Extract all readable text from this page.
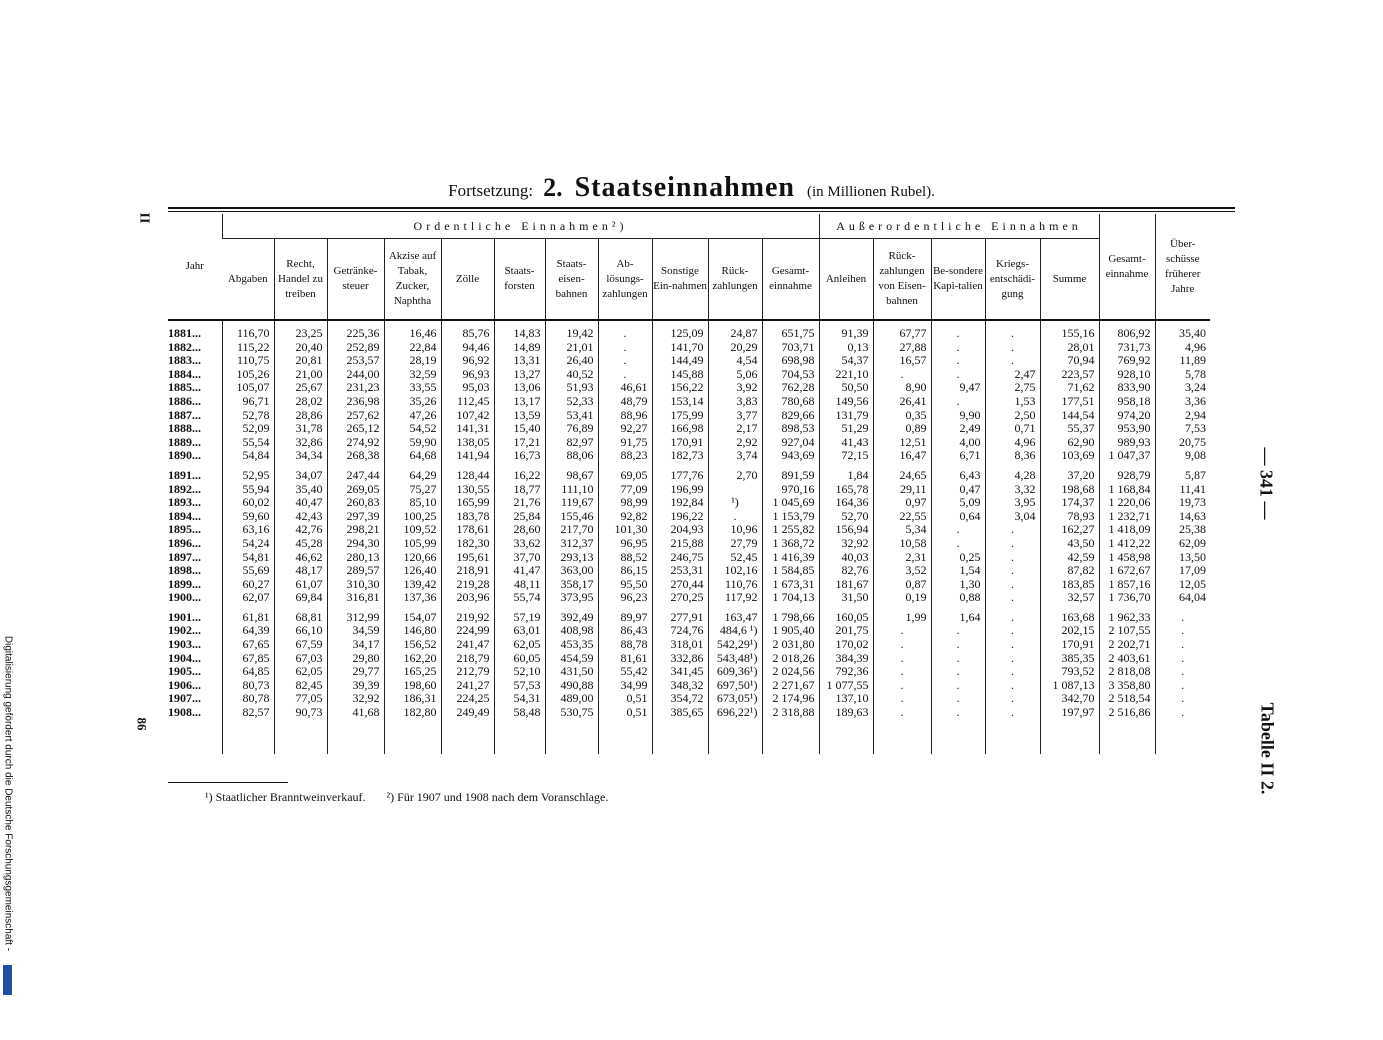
Fortsetzung: 2. Staatseinnahmen (in Millionen Rubel).
Jahr	Ordentliche Einnahmen²)											Außerordentliche Einnahmen					Gesamt-einnahme	Über-schüsse früherer Jahre
	Abgaben	Recht, Handel zu treiben	Getränke-steuer	Akzise auf Tabak, Zucker, Naphtha	Zölle	Staats-forsten	Staats-eisen-bahnen	Ab-lösungs-zahlungen	Sonstige Ein-nahmen	Rück-zahlungen	Gesamt-einnahme	Anleihen	Rück-zahlungen von Eisen-bahnen	Be-sondere Kapi-talien	Kriegs-entschädi-gung	Summe		

1881...	116,70	23,25	225,36	16,46	85,76	14,83	19,42	.	125,09	24,87	651,75	91,39	67,77	.	.	155,16	806,92	35,40
1882...	115,22	20,40	252,89	22,84	94,46	14,89	21,01	.	141,70	20,29	703,71	0,13	27,88	.	.	28,01	731,73	4,96
1883...	110,75	20,81	253,57	28,19	96,92	13,31	26,40	.	144,49	4,54	698,98	54,37	16,57	.	.	70,94	769,92	11,89
1884...	105,26	21,00	244,00	32,59	96,93	13,27	40,52	.	145,88	5,06	704,53	221,10	.	.	2,47	223,57	928,10	5,78
1885...	105,07	25,67	231,23	33,55	95,03	13,06	51,93	46,61	156,22	3,92	762,28	50,50	8,90	9,47	2,75	71,62	833,90	3,24
1886...	96,71	28,02	236,98	35,26	112,45	13,17	52,33	48,79	153,14	3,83	780,68	149,56	26,41	.	1,53	177,51	958,18	3,36
1887...	52,78	28,86	257,62	47,26	107,42	13,59	53,41	88,96	175,99	3,77	829,66	131,79	0,35	9,90	2,50	144,54	974,20	2,94
1888...	52,09	31,78	265,12	54,52	141,31	15,40	76,89	92,27	166,98	2,17	898,53	51,29	0,89	2,49	0,71	55,37	953,90	7,53
1889...	55,54	32,86	274,92	59,90	138,05	17,21	82,97	91,75	170,91	2,92	927,04	41,43	12,51	4,00	4,96	62,90	989,93	20,75
1890...	54,84	34,34	268,38	64,68	141,94	16,73	88,06	88,23	182,73	3,74	943,69	72,15	16,47	6,71	8,36	103,69	1 047,37	9,08

1891...	52,95	34,07	247,44	64,29	128,44	16,22	98,67	69,05	177,76	2,70	891,59	1,84	24,65	6,43	4,28	37,20	928,79	5,87
1892...	55,94	35,40	269,05	75,27	130,55	18,77	111,10	77,09	196,99		970,16	165,78	29,11	0,47	3,32	198,68	1 168,84	11,41
1893...	60,02	40,47	260,83	85,10	165,99	21,76	119,67	98,99	192,84	¹)	1 045,69	164,36	0,97	5,09	3,95	174,37	1 220,06	19,73
1894...	59,60	42,43	297,39	100,25	183,78	25,84	155,46	92,82	196,22	.	1 153,79	52,70	22,55	0,64	3,04	78,93	1 232,71	14,63
1895...	63,16	42,76	298,21	109,52	178,61	28,60	217,70	101,30	204,93	10,96	1 255,82	156,94	5,34	.	.	162,27	1 418,09	25,38
1896...	54,24	45,28	294,30	105,99	182,30	33,62	312,37	96,95	215,88	27,79	1 368,72	32,92	10,58	.	.	43,50	1 412,22	62,09
1897...	54,81	46,62	280,13	120,66	195,61	37,70	293,13	88,52	246,75	52,45	1 416,39	40,03	2,31	0,25	.	42,59	1 458,98	13,50
1898...	55,69	48,17	289,57	126,40	218,91	41,47	363,00	86,15	253,31	102,16	1 584,85	82,76	3,52	1,54	.	87,82	1 672,67	17,09
1899...	60,27	61,07	310,30	139,42	219,28	48,11	358,17	95,50	270,44	110,76	1 673,31	181,67	0,87	1,30	.	183,85	1 857,16	12,05
1900...	62,07	69,84	316,81	137,36	203,96	55,74	373,95	96,23	270,25	117,92	1 704,13	31,50	0,19	0,88	.	32,57	1 736,70	64,04

1901...	61,81	68,81	312,99	154,07	219,92	57,19	392,49	89,97	277,91	163,47	1 798,66	160,05	1,99	1,64	.	163,68	1 962,33	.
1902...	64,39	66,10	34,59	146,80	224,99	63,01	408,98	86,43	724,76	484,6 ¹)	1 905,40	201,75	.	.	.	202,15	2 107,55	.
1903...	67,65	67,59	34,17	156,52	241,47	62,05	453,35	88,78	318,01	542,29¹)	2 031,80	170,02	.	.	.	170,91	2 202,71	.
1904...	67,85	67,03	29,80	162,20	218,79	60,05	454,59	81,61	332,86	543,48¹)	2 018,26	384,39	.	.	.	385,35	2 403,61	.
1905...	64,85	62,05	29,77	165,25	212,79	52,10	431,50	55,42	341,45	609,36¹)	2 024,56	792,36	.	.	.	793,52	2 818,08	.
1906...	80,73	82,45	39,39	198,60	241,27	57,53	490,88	34,99	348,32	697,50¹)	2 271,67	1 077,55	.	.	.	1 087,13	3 358,80	.
1907...	80,78	77,05	32,92	186,31	224,25	54,31	489,00	0,51	354,72	673,05¹)	2 174,96	137,10	.	.	.	342,70	2 518,54	.
1908...	82,57	90,73	41,68	182,80	249,49	58,48	530,75	0,51	385,65	696,22¹)	2 318,88	189,63	.	.	.	197,97	2 516,86	.

¹) Staatlicher Branntweinverkauf. ²) Für 1907 und 1908 nach dem Voranschlage.
— 341 —
Tabelle II 2.
II
86
Digitalisierung gefördert durch die Deutsche Forschungsgemeinschaft -
